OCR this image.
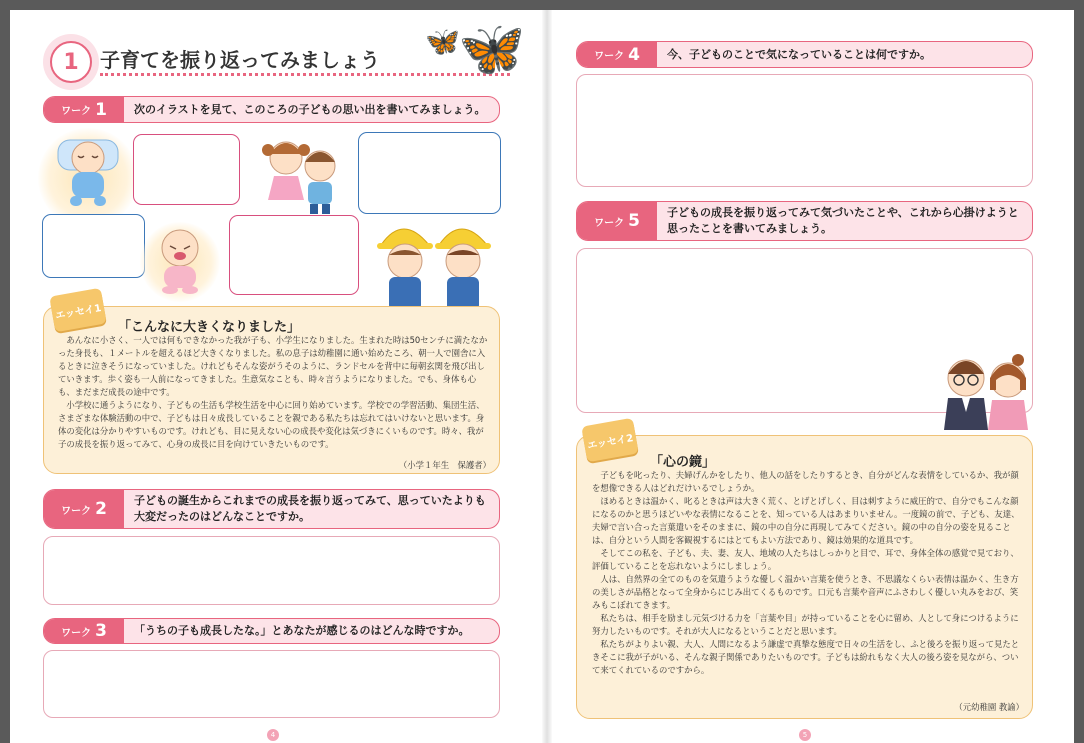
1	子育てを振り返ってみましょう 🦋
🦋
ワーク 1	次のイラストを見て、このころの子どもの思い出を書いてみましょう。
エッセイ1
「こんなに大きくなりました」

あんなに小さく、一人では何もできなかった我が子も、小学生になりました。生まれた時は50センチに満たなかった身長も、１メートルを超えるほど大きくなりました。私の息子は幼稚園に通い始めたころ、朝一人で園舎に入るときに泣きそうになっていました。けれどもそんな姿がうそのように、ランドセルを背中に毎朝玄関を飛び出していきます。歩く姿も一人前になってきました。生意気なことも、時々言うようになりました。でも、身体も心も、まだまだ成長の途中です。

小学校に通うようになり、子どもの生活も学校生活を中心に回り始めています。学校での学習活動、集団生活、さまざまな体験活動の中で、子どもは日々成長していることを親である私たちは忘れてはいけないと思います。身体の変化は分かりやすいものです。けれども、目に見えない心の成長や変化は気づきにくいものです。時々、我が子の成長を振り返ってみて、心身の成長に目を向けていきたいものです。

（小学１年生　保護者）
ワーク 2	子どもの誕生からこれまでの成長を振り返ってみて、思っていたよりも大変だったのはどんなことですか。
ワーク 3	「うちの子も成長したな。」とあなたが感じるのはどんな時ですか。
4
ワーク 4	今、子どものことで気になっていることは何ですか。
ワーク 5	子どもの成長を振り返ってみて気づいたことや、これから心掛けようと思ったことを書いてみましょう。
エッセイ2
「心の鏡」

子どもを叱ったり、夫婦げんかをしたり、他人の話をしたりするとき、自分がどんな表情をしているか、我が顔を想像できる人はどれだけいるでしょうか。

ほめるときは温かく、叱るときは声は大きく荒く、とげとげしく、目は刺すように威圧的で、自分でもこんな顔になるのかと思うほどいやな表情になることを、知っている人はあまりいません。一度鏡の前で、子ども、友達、夫婦で言い合った言葉遣いをそのままに、鏡の中の自分に再現してみてください。鏡の中の自分の姿を見ることは、自分という人間を客観視するにはとてもよい方法であり、鏡は効果的な道具です。

そしてこの私を、子ども、夫、妻、友人、地域の人たちはしっかりと目で、耳で、身体全体の感覚で見ており、評価していることを忘れないようにしましょう。

人は、自然界の全てのものを気遣うような優しく温かい言葉を使うとき、不思議なくらい表情は温かく、生き方の美しさが品格となって全身からにじみ出てくるものです。口元も言葉や音声にふさわしく優しい丸みをおび、笑みもこぼれてきます。

私たちは、相手を励まし元気づける力を「言葉や目」が持っていることを心に留め、人として身につけるように努力したいものです。それが大人になるということだと思います。

私たちがよりよい親、大人、人間になるよう謙虚で真摯な態度で日々の生活をし、ふと後ろを振り返って見たときそこに我が子がいる、そんな親子関係でありたいものです。子どもは紛れもなく大人の後ろ姿を見ながら、ついて来てくれているのですから。

（元幼稚園 教諭）
5
